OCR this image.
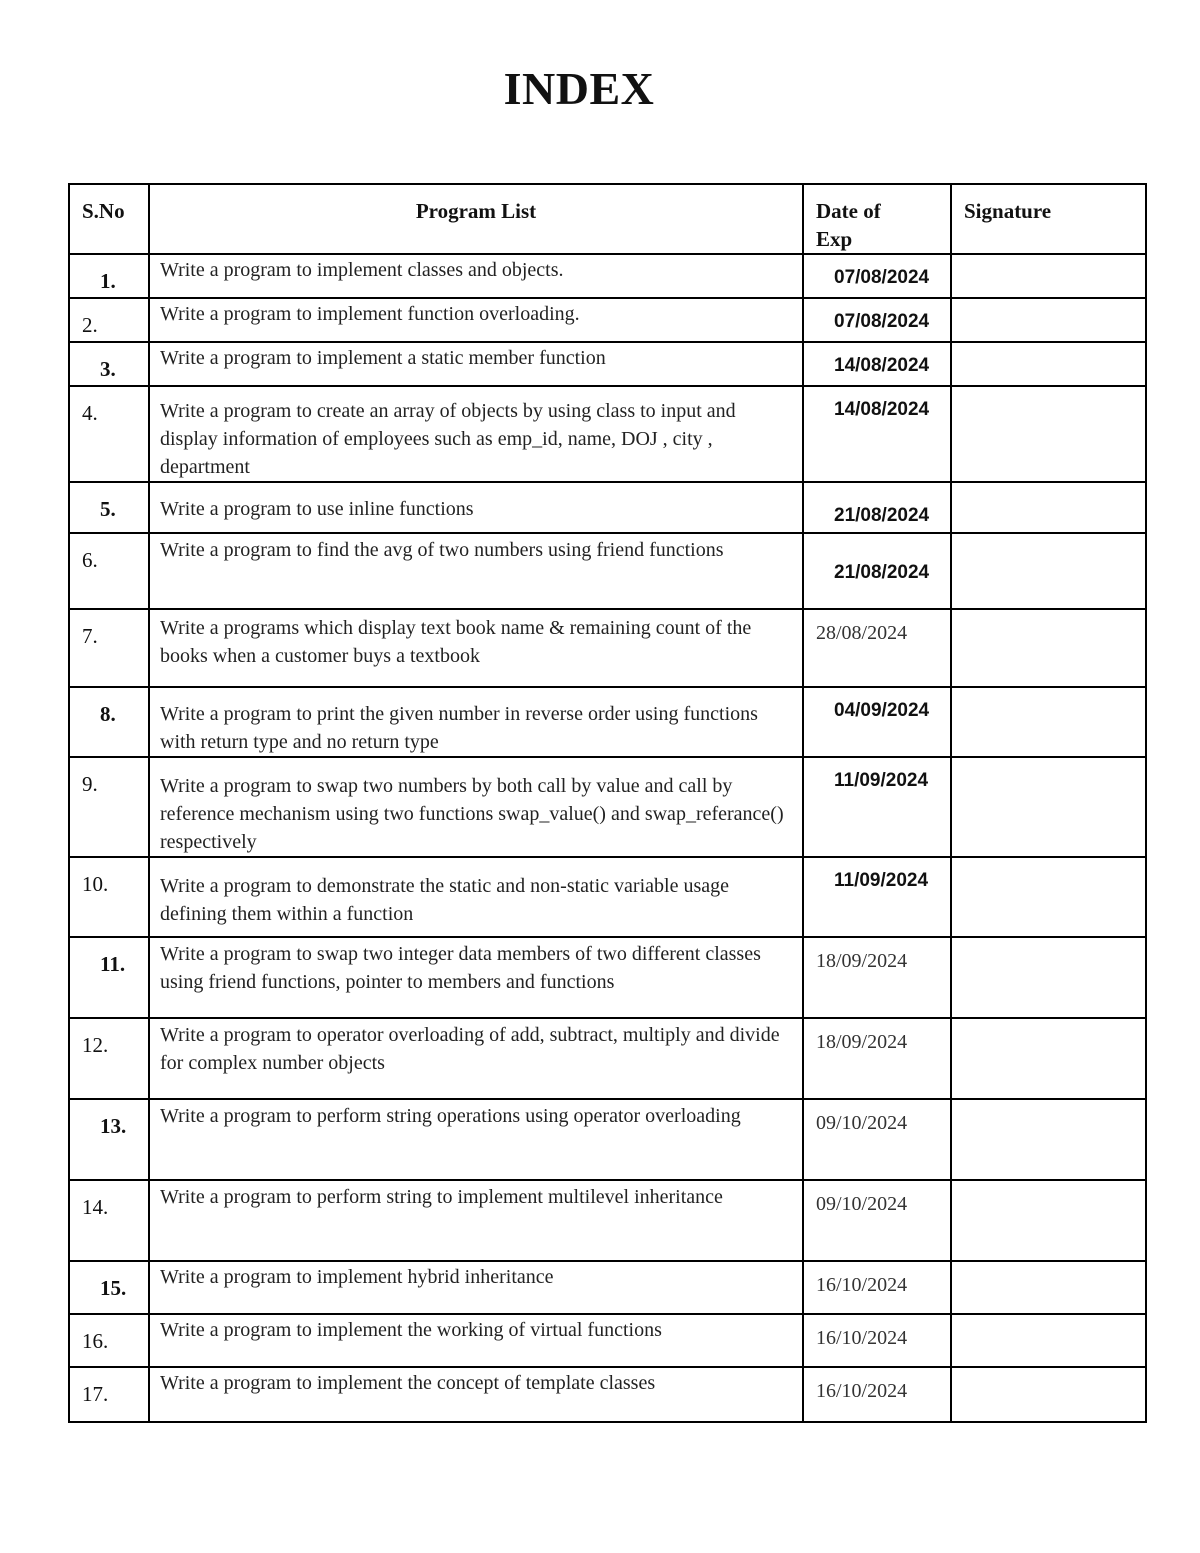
INDEX
S.No	Program List	Date of Exp	Signature

1.	Write a program to implement classes and objects.	07/08/2024	
2.	Write a program to implement function overloading.	07/08/2024	
3.	Write a program to implement a static member function	14/08/2024	
4.	Write a program to create an array of objects by using class to input and display information of employees such as emp_id, name, DOJ , city , department	14/08/2024	
5.	Write a program to use inline functions	21/08/2024	
6.	Write a program to find the avg of two numbers using friend functions	21/08/2024	
7.	Write a programs which display text book name & remaining count of the books when a customer buys a textbook	28/08/2024	
8.	Write a program to print the given number in reverse order using functions with return type and no return type	04/09/2024	
9.	Write a program to swap two numbers by both call by value and call by reference mechanism using two functions swap_value() and swap_referance() respectively	11/09/2024	
10.	Write a program to demonstrate the static and non-static variable usage defining them within a function	11/09/2024	
11.	Write a program to swap two integer data members of two different classes using friend functions, pointer to members and functions	18/09/2024	
12.	Write a program to operator overloading of add, subtract, multiply and divide for complex number objects	18/09/2024	
13.	Write a program to perform string operations using operator overloading	09/10/2024	
14.	Write a program to perform string to implement multilevel inheritance	09/10/2024	
15.	Write a program to implement hybrid inheritance	16/10/2024	
16.	Write a program to implement the working of virtual functions	16/10/2024	
17.	Write a program to implement the concept of template classes	16/10/2024	
